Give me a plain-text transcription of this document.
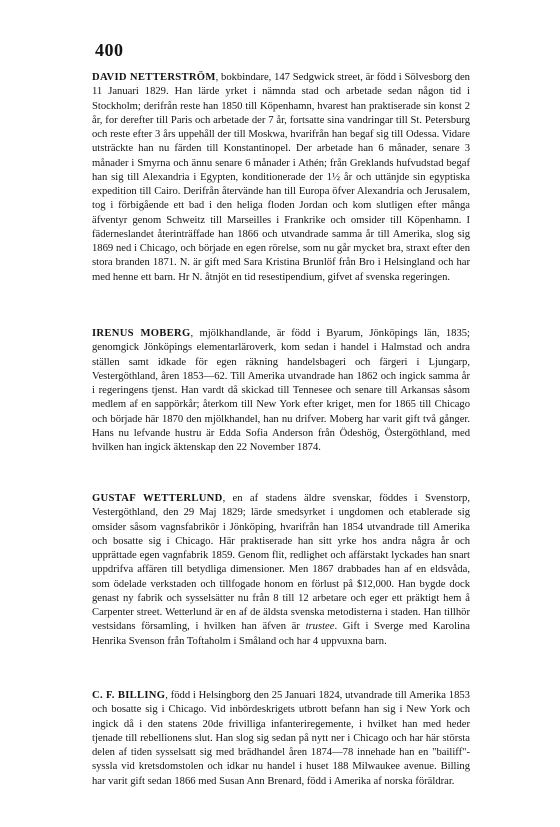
400

DAVID NETTERSTRÖM, bokbindare, 147 Sedgwick street, är född i Sölvesborg den 11 Januari 1829. Han lärde yrket i nämnda stad och arbetade sedan någon tid i Stockholm; derifrån reste han 1850 till Köpenhamn, hvarest han praktiserade sin konst 2 år, for derefter till Paris och arbetade der 7 år, fortsatte sina vandringar till St. Petersburg och reste efter 3 års uppehåll der till Moskwa, hvarifrån han begaf sig till Odessa. Vidare utsträckte han nu färden till Konstantinopel. Der arbetade han 6 månader, senare 3 månader i Smyrna och ännu senare 6 månader i Athén; från Greklands hufvudstad begaf han sig till Alexandria i Egypten, konditionerade der 1½ år och uttänjde sin egyptiska expedition till Cairo. Derifrån återvände han till Europa öfver Alexandria och Jerusalem, tog i förbigående ett bad i den heliga floden Jordan och kom slutligen efter många äfventyr genom Schweitz till Marseilles i Frankrike och omsider till Köpenhamn. I fäderneslandet återinträffade han 1866 och utvandrade samma år till Amerika, slog sig 1869 ned i Chicago, och började en egen rörelse, som nu går mycket bra, straxt efter den stora branden 1871. N. är gift med Sara Kristina Brunlöf från Bro i Helsingland och har med henne ett barn. Hr N. åtnjöt en tid resestipendium, gifvet af svenska regeringen.

IRENUS MOBERG, mjölkhandlande, är född i Byarum, Jönköpings län, 1835; genomgick Jönköpings elementarläroverk, kom sedan i handel i Halmstad och andra ställen samt idkade för egen räkning handelsbageri och färgeri i Ljungarp, Vestergöthland, åren 1853—62. Till Amerika utvandrade han 1862 och ingick samma år i regeringens tjenst. Han vardt då skickad till Tennesee och senare till Arkansas såsom medlem af en sappörkår; återkom till New York efter kriget, men for 1865 till Chicago och började här 1870 den mjölkhandel, han nu drifver. Moberg har varit gift två gånger. Hans nu lefvande hustru är Edda Sofia Anderson från Ödeshög, Östergöthland, med hvilken han ingick äktenskap den 22 November 1874.

GUSTAF WETTERLUND, en af stadens äldre svenskar, föddes i Svenstorp, Vestergöthland, den 29 Maj 1829; lärde smedsyrket i ungdomen och etablerade sig omsider såsom vagnsfabrikör i Jönköping, hvarifrån han 1854 utvandrade till Amerika och bosatte sig i Chicago. Här praktiserade han sitt yrke hos andra några år och upprättade egen vagnfabrik 1859. Genom flit, redlighet och affärstakt lyckades han snart uppdrifva affären till betydliga dimensioner. Men 1867 drabbades han af en eldsvåda, som ödelade verkstaden och tillfogade honom en förlust på $12,000. Han bygde dock genast ny fabrik och sysselsätter nu från 8 till 12 arbetare och eger ett präktigt hem å Carpenter street. Wetterlund är en af de äldsta svenska metodisterna i staden. Han tillhör vestsidans församling, i hvilken han äfven är trustee. Gift i Sverge med Karolina Henrika Svenson från Toftaholm i Småland och har 4 uppvuxna barn.

C. F. BILLING, född i Helsingborg den 25 Januari 1824, utvandrade till Amerika 1853 och bosatte sig i Chicago. Vid inbördeskrigets utbrott befann han sig i New York och ingick då i den statens 20de frivilliga infanteriregemente, i hvilket han med heder tjenade till rebellionens slut. Han slog sig sedan på nytt ner i Chicago och har här största delen af tiden sysselsatt sig med brädhandel åren 1874—78 innehade han en "bailiff"-syssla vid kretsdomstolen och idkar nu handel i huset 188 Milwaukee avenue. Billing har varit gift sedan 1866 med Susan Ann Brenard, född i Amerika af norska föräldrar.
